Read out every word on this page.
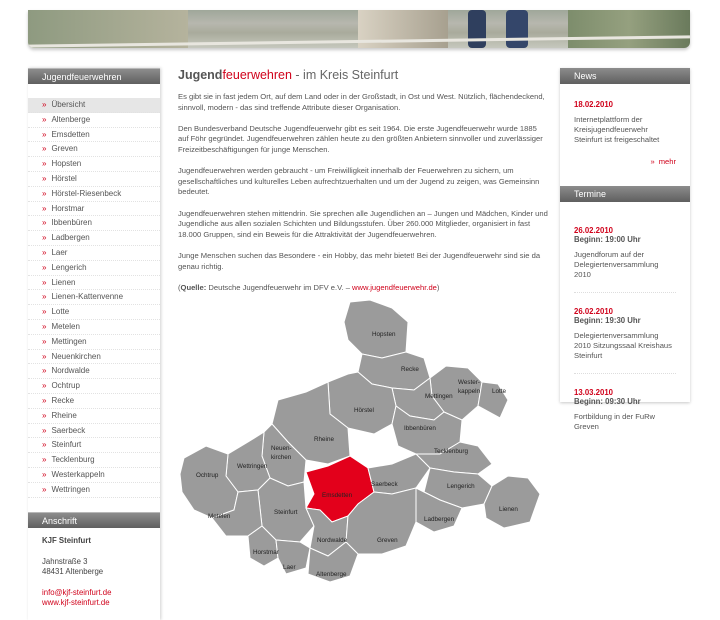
Jugendfeuerwehren
» Übersicht
» Altenberge
» Emsdetten
» Greven
» Hopsten
» Hörstel
» Hörstel-Riesenbeck
» Horstmar
» Ibbenbüren
» Ladbergen
» Laer
» Lengerich
» Lienen
» Lienen-Kattenvenne
» Lotte
» Metelen
» Mettingen
» Neuenkirchen
» Nordwalde
» Ochtrup
» Recke
» Rheine
» Saerbeck
» Steinfurt
» Tecklenburg
» Westerkappeln
» Wettringen
Anschrift
KJF Steinfurt
Jahnstraße 3
48431 Altenberge
info@kjf-steinfurt.de
www.kjf-steinfurt.de
Jugendfeuerwehren - im Kreis Steinfurt

Es gibt sie in fast jedem Ort, auf dem Land oder in der Großstadt, in Ost und West. Nützlich, flächendeckend, sinnvoll, modern - das sind treffende Attribute dieser Organisation.

Den Bundesverband Deutsche Jugendfeuerwehr gibt es seit 1964. Die erste Jugendfeuerwehr wurde 1885 auf Föhr gegründet. Jugendfeuerwehren zählen heute zu den größten Anbietern sinnvoller und zuverlässiger Freizeitbeschäftigungen für junge Menschen.

Jugendfeuerwehren werden gebraucht - um Freiwilligkeit innerhalb der Feuerwehren zu sichern, um gesellschaftliches und kulturelles Leben aufrechtzuerhalten und um der Jugend zu zeigen, was Gemeinsinn bedeutet.

Jugendfeuerwehren stehen mittendrin. Sie sprechen alle Jugendlichen an – Jungen und Mädchen, Kinder und Jugendliche aus allen sozialen Schichten und Bildungsstufen. Über 260.000 Mitglieder, organisiert in fast 18.000 Gruppen, sind ein Beweis für die Attraktivität der Jugendfeuerwehren.

Junge Menschen suchen das Besondere - ein Hobby, das mehr bietet! Bei der Jugendfeuerwehr sind sie da genau richtig.

(Quelle: Deutsche Jugendfeuerwehr im DFV e.V. – www.jugendfeuerwehr.de)

Hopsten
Recke
Wester-
kappeln
Mettingen
Lotte
Hörstel
Ibbenbüren
Rheine
Neuen-
kirchen
Tecklenburg
Wettringen
Ochtrup
Emsdetten
Saerbeck	Lengerich
Steinfurt
Metelen
Lienen
Ladbergen
Nordwalde	Greven
Horstmar
Laer
Altenberge
News
18.02.2010
Internetplattform der Kreisjugendfeuerwehr Steinfurt ist freigeschaltet
» mehr
Termine
26.02.2010
Beginn: 19:00 Uhr
Jugendforum auf der Delegiertenversammlung 2010
26.02.2010
Beginn: 19:30 Uhr
Delegiertenversammlung 2010 Sitzungssaal Kreishaus Steinfurt
13.03.2010
Beginn: 09:30 Uhr
Fortbildung in der FuRw Greven
